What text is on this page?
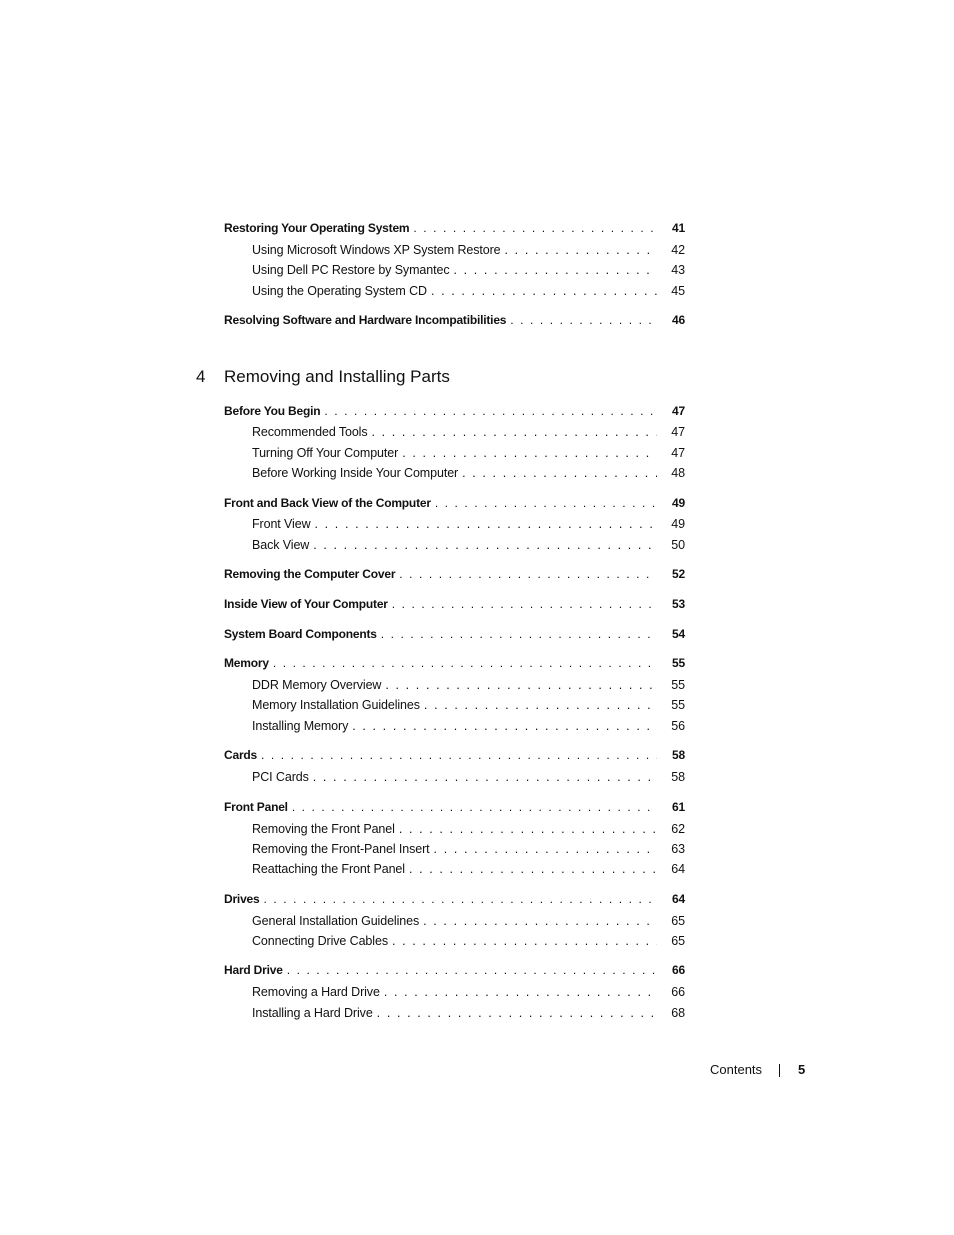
Restoring Your Operating System . . .	41
Using Microsoft Windows XP System Restore . . .	42
Using Dell PC Restore by Symantec . . .	43
Using the Operating System CD . . .	45
Resolving Software and Hardware Incompatibilities . . .	46
4 Removing and Installing Parts
Before You Begin . . .	47
Recommended Tools . . .	47
Turning Off Your Computer . . .	47
Before Working Inside Your Computer . . .	48
Front and Back View of the Computer . . .	49
Front View . . .	49
Back View . . .	50
Removing the Computer Cover . . .	52
Inside View of Your Computer . . .	53
System Board Components . . .	54
Memory . . .	55
DDR Memory Overview . . .	55
Memory Installation Guidelines . . .	55
Installing Memory . . .	56
Cards . . .	58
PCI Cards . . .	58
Front Panel . . .	61
Removing the Front Panel . . .	62
Removing the Front-Panel Insert . . .	63
Reattaching the Front Panel . . .	64
Drives . . .	64
General Installation Guidelines . . .	65
Connecting Drive Cables . . .	65
Hard Drive . . .	66
Removing a Hard Drive . . .	66
Installing a Hard Drive . . .	68
Contents	5
